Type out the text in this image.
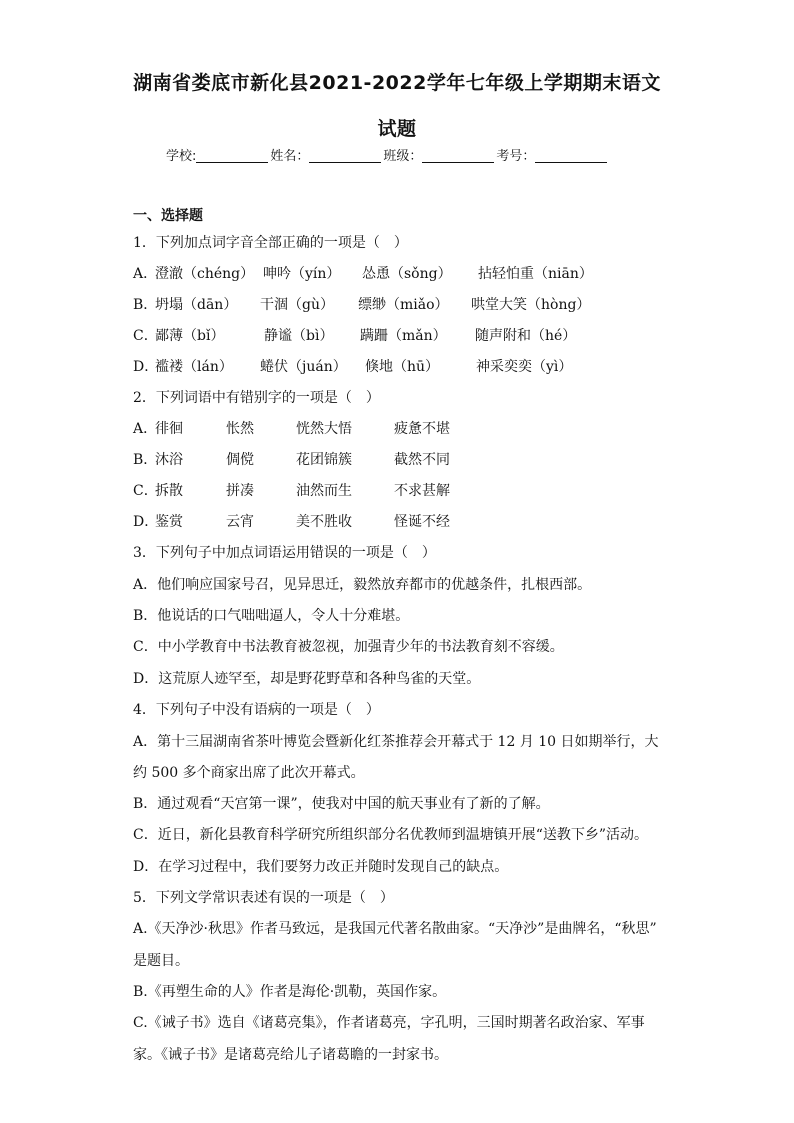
湖南省娄底市新化县2021-2022学年七年级上学期期末语文
试题
学校:	姓名：	班级：	考号：
一、选择题
1．下列加点词字音全部正确的一项是（　）
A．
澄澈（chéng） 呻吟（yín） 怂恿（sǒng） 拈轻怕重（niān）
B．
坍塌（dān） 干涸（gù） 缥缈（miǎo） 哄堂大笑（hòng）
C．
鄙薄（bǐ）	静谧（bì） 蹒跚（mǎn） 随声附和（hé）
D．
褴褛（lán） 蜷伏（juán） 倏地（hū）	神采奕奕（yì）
2．下列词语中有错别字的一项是（　）
A．
徘徊	怅然	恍然大悟	疲惫不堪
B．
沐浴	倜傥	花团锦簇	截然不同
C．
拆散	拼凑	油然而生	不求甚解
D．
鉴赏	云宵	美不胜收	怪诞不经
3．下列句子中加点词语运用错误的一项是（　）
A．他们响应国家号召，见异思迁，毅然放弃都市的优越条件，扎根西部。
B．他说话的口气咄咄逼人，令人十分难堪。
C．中小学教育中书法教育被忽视，加强青少年的书法教育刻不容缓。
D．这荒原人迹罕至，却是野花野草和各种鸟雀的天堂。
4．下列句子中没有语病的一项是（　）
A．第十三届湖南省茶叶博览会暨新化红茶推荐会开幕式于 12 月 10 日如期举行，大
约 500 多个商家出席了此次开幕式。
B．通过观看“天宫第一课”，使我对中国的航天事业有了新的了解。
C．近日，新化县教育科学研究所组织部分名优教师到温塘镇开展“送教下乡”活动。
D．在学习过程中，我们要努力改正并随时发现自己的缺点。
5．下列文学常识表述有误的一项是（　）
A.《天净沙·秋思》作者马致远，是我国元代著名散曲家。“天净沙”是曲牌名，“秋思”
是题目。
B.《再塑生命的人》作者是海伦·凯勒，英国作家。
C.《诫子书》选自《诸葛亮集》，作者诸葛亮，字孔明，三国时期著名政治家、军事
家。《诫子书》是诸葛亮给儿子诸葛瞻的一封家书。
